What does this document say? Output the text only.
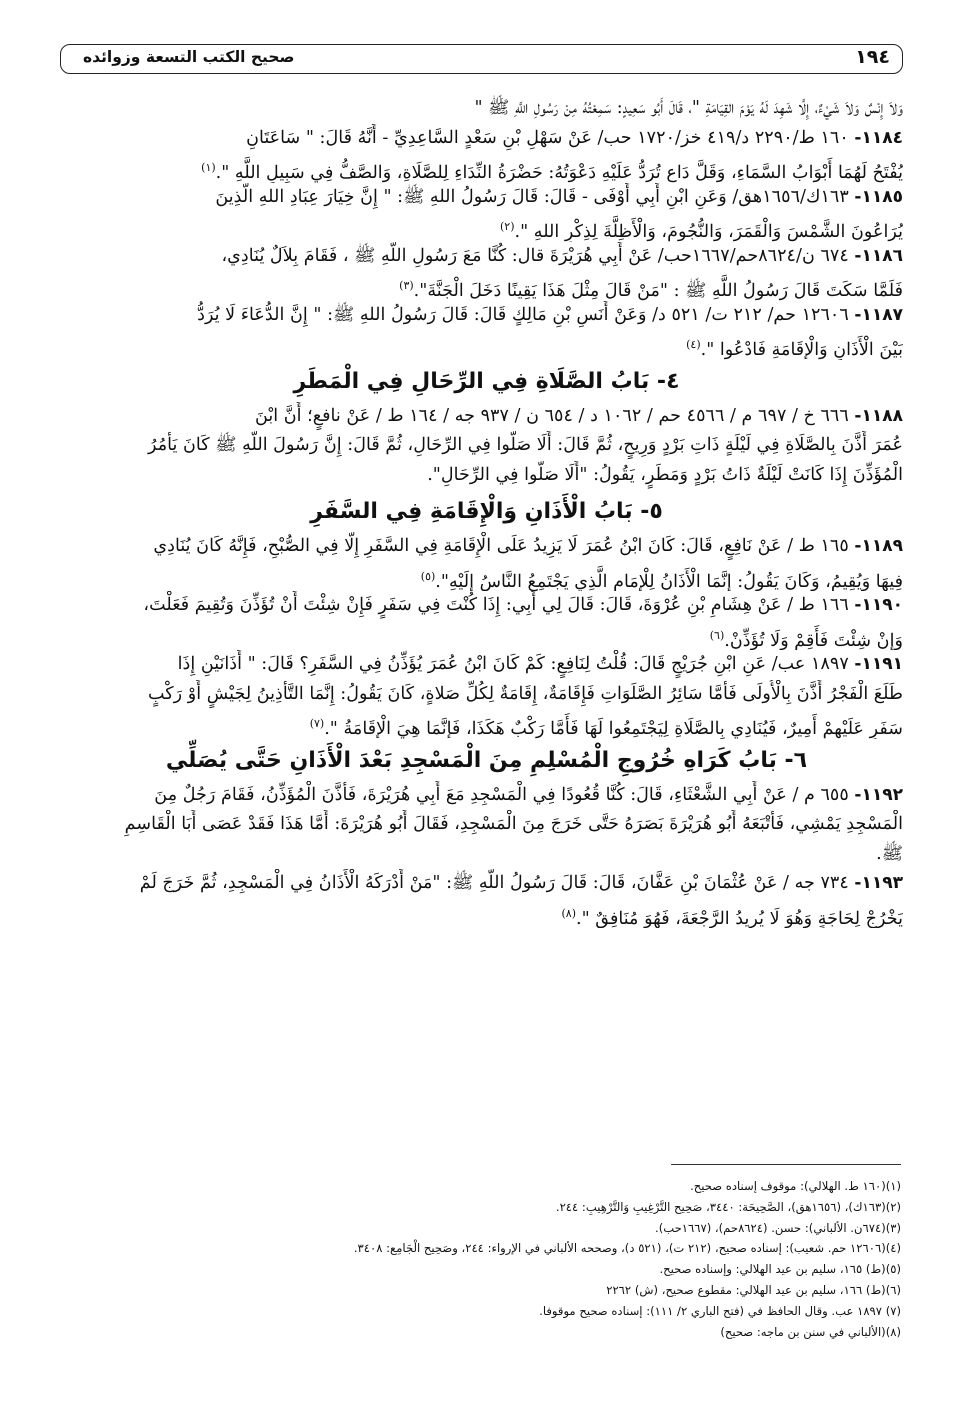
١٩٤
صحيح الكتب التسعة وزوائده
وَلاَ إِنْسٌ وَلاَ شَيْءٌ، إِلَّا شَهِدَ لَهُ يَوْمَ القِيَامَةِ "، قَالَ أَبُو سَعِيدٍ: سَمِعْتُهُ مِنْ رَسُولِ اللَّهِ ﷺ "
١١٨٤- ١٦٠ ط/٢٢٩٠ د/٤١٩ خز/١٧٢٠ حب/ عَنْ سَهْلِ بْنِ سَعْدٍ السَّاعِدِيِّ - أَنَّهُ قَالَ: " سَاعَتَانِ
يُفْتَحُ لَهُمَا أَبْوَابُ السَّمَاءِ، وَقَلَّ دَاعٍ تُرَدُّ عَلَيْهِ دَعْوَتُهُ: حَضْرَةُ النِّدَاءِ لِلصَّلَاةِ، وَالصَّفُّ فِي سَبِيلِ اللَّهِ ".$^{(١)}$
١١٨٥- ١٦٣ك/١٦٥٦هق/ وَعَنِ ابْنِ أَبِي أَوْفَى - قَالَ: قَالَ رَسُولُ اللهِ ﷺ: " إِنَّ خِيَارَ عِبَادِ اللهِ الَّذِينَ
يُرَاعُونَ الشَّمْسَ وَالْقَمَرَ، وَالنُّجُومَ، وَالْأَظِلَّةَ لِذِكْرِ اللهِ ".$^{(٢)}$
١١٨٦- ٦٧٤ ن/٨٦٢٤حم/١٦٦٧حب/ عَنْ أَبِي هُرَيْرَةَ قال: كُنَّا مَعَ رَسُولِ اللَّهِ ﷺ ، فَقَامَ بِلاَلٌ يُنَادِي،
فَلَمَّا سَكَتَ قَالَ رَسُولُ اللَّهِ ﷺ : "مَنْ قَالَ مِثْلَ هَذَا يَقِينًا دَخَلَ الْجَنَّةَ".$^{(٣)}$
١١٨٧- ١٢٦٠٦ حم/ ٢١٢ ت/ ٥٢١ د/ وَعَنْ أَنَسِ بْنِ مَالِكٍ قَالَ: قَالَ رَسُولُ اللهِ ﷺ: " إِنَّ الدُّعَاءَ لَا يُرَدُّ
بَيْنَ الْأَذَانِ وَالْإِقَامَةِ فَادْعُوا ".$^{(٤)}$
٤- بَابُ الصَّلَاةِ فِي الرِّحَالِ فِي الْمَطَرِ
١١٨٨- ٦٦٦ خ / ٦٩٧ م / ٤٥٦٦ حم / ١٠٦٢ د / ٦٥٤ ن / ٩٣٧ جه / ١٦٤ ط / عَنْ نافعٍ؛ أَنَّ ابْنَ
عُمَرَ أَذَّنَ بِالصَّلَاةِ فِي لَيْلَةٍ ذَاتِ بَرْدٍ وَرِيحٍ، ثُمَّ قَالَ: أَلَا صَلُّوا فِي الرِّحَالِ، ثُمَّ قَالَ: إِنَّ رَسُولَ اللَّهِ ﷺ كَانَ يَأْمُرُ
الْمُؤَذِّنَ إِذَا كَانَتْ لَيْلَةٌ ذَاتُ بَرْدٍ وَمَطَرٍ، يَقُولُ: "أَلَا صَلُّوا فِي الرِّحَالِ".
٥- بَابُ الْأَذَانِ وَالْإِقَامَةِ فِي السَّفَرِ
١١٨٩- ١٦٥ ط / عَنْ نَافِعٍ، قَالَ: كَانَ ابْنُ عُمَرَ لَا يَزِيدُ عَلَى الْإِقَامَةِ فِي السَّفَرِ إِلَّا فِي الصُّبْحِ، فَإِنَّهُ كَانَ يُنَادِي
فِيهَا وَيُقِيمُ، وَكَانَ يَقُولُ: إِنَّمَا الْأَذَانُ لِلْإِمَامِ الَّذِي يَجْتَمِعُ النَّاسُ إِلَيْهِ".$^{(٥)}$
١١٩٠- ١٦٦ ط / عَنْ هِشَامِ بْنِ عُرْوَةَ، قَالَ: قَالَ لِي أَبِي: إِذَا كُنْتَ فِي سَفَرٍ فَإِنْ شِئْتَ أَنْ تُؤَذِّنَ وَتُقِيمَ فَعَلْتَ،
وَإِنْ شِئْتَ فَأَقِمْ وَلَا تُؤَذِّنْ.$^{(٦)}$
١١٩١- ١٨٩٧ عب/ عَنِ ابْنِ جُرَيْجٍ قَالَ: قُلْتُ لِنَافِعٍ: كَمْ كَانَ ابْنُ عُمَرَ يُؤَذِّنُ فِي السَّفَرِ؟ قَالَ: " أَذَانَيْنِ إِذَا
طَلَعَ الْفَجْرُ أَذَّنَ بِالْأُولَى فَأَمَّا سَائِرُ الصَّلَوَاتِ فَإِقَامَةٌ، إِقَامَةٌ لِكُلِّ صَلاةٍ، كَانَ يَقُولُ: إِنَّمَا التَّأْذِينُ لِجَيْشٍ أَوْ رَكْبٍ
سَفَرٍ عَلَيْهِمْ أَمِيرٌ، فَيُنَادِي بِالصَّلَاةِ لِيَجْتَمِعُوا لَهَا فَأَمَّا رَكْبٌ هَكَذَا، فَإِنَّمَا هِيَ الْإِقَامَةُ ".$^{(٧)}$
٦- بَابُ كَرَاهِ خُرُوجِ الْمُسْلِمِ مِنَ الْمَسْجِدِ بَعْدَ الْأَذَانِ حَتَّى يُصَلِّي
١١٩٢- ٦٥٥ م / عَنْ أَبِي الشَّعْثَاءِ، قَالَ: كُنَّا قُعُودًا فِي الْمَسْجِدِ مَعَ أَبِي هُرَيْرَةَ، فَأَذَّنَ الْمُؤَذِّنُ، فَقَامَ رَجُلٌ مِنَ
الْمَسْجِدِ يَمْشِي، فَأَتْبَعَهُ أَبُو هُرَيْرَةَ بَصَرَهُ حَتَّى خَرَجَ مِنَ الْمَسْجِدِ، فَقَالَ أَبُو هُرَيْرَةَ: أَمَّا هَذَا فَقَدْ عَصَى أَبَا الْقَاسِمِ
ﷺ.
١١٩٣- ٧٣٤ جه / عَنْ عُثْمَانَ بْنِ عَفَّانَ، قَالَ: قَالَ رَسُولُ اللَّهِ ﷺ: "مَنْ أَدْرَكَهُ الْأَذَانُ فِي الْمَسْجِدِ، ثُمَّ خَرَجَ لَمْ
يَخْرُجْ لِحَاجَةٍ وَهُوَ لَا يُرِيدُ الرَّجْعَةَ، فَهُوَ مُنَافِقٌ ".$^{(٨)}$
(١)(١٦٠ ط. الهلالي): موقوف إسناده صحيح.
(٢)(١٦٣ك)، (١٦٥٦هق)، الصَّحِيحَة: ٣٤٤٠، صَحِيح التَّرْغِيبِ وَالتَّرْهِيبِ: ٢٤٤.
(٣)(٦٧٤ن. الألباني): حسن. (٨٦٢٤حم)، (١٦٦٧حب).
(٤)(١٢٦٠٦ حم. شعيب): إسناده صحيح، (٢١٢ ت)، (٥٢١ د)، وصححه الألباني في الإرواء: ٢٤٤، وصَحِيح الْجَامِع: ٣٤٠٨.
(٥)(ط) ١٦٥، سليم بن عيد الهلالي: وإسناده صحيح.
(٦)(ط) ١٦٦، سليم بن عيد الهلالي: مقطوع صحيح، (ش) ٢٢٦٢
(٧) ١٨٩٧ عب. وقال الحافظ في (فتح الباري ٢/ ١١١): إسناده صحيح موقوفا.
(٨)(الألباني في سنن بن ماجه: صحيح)
